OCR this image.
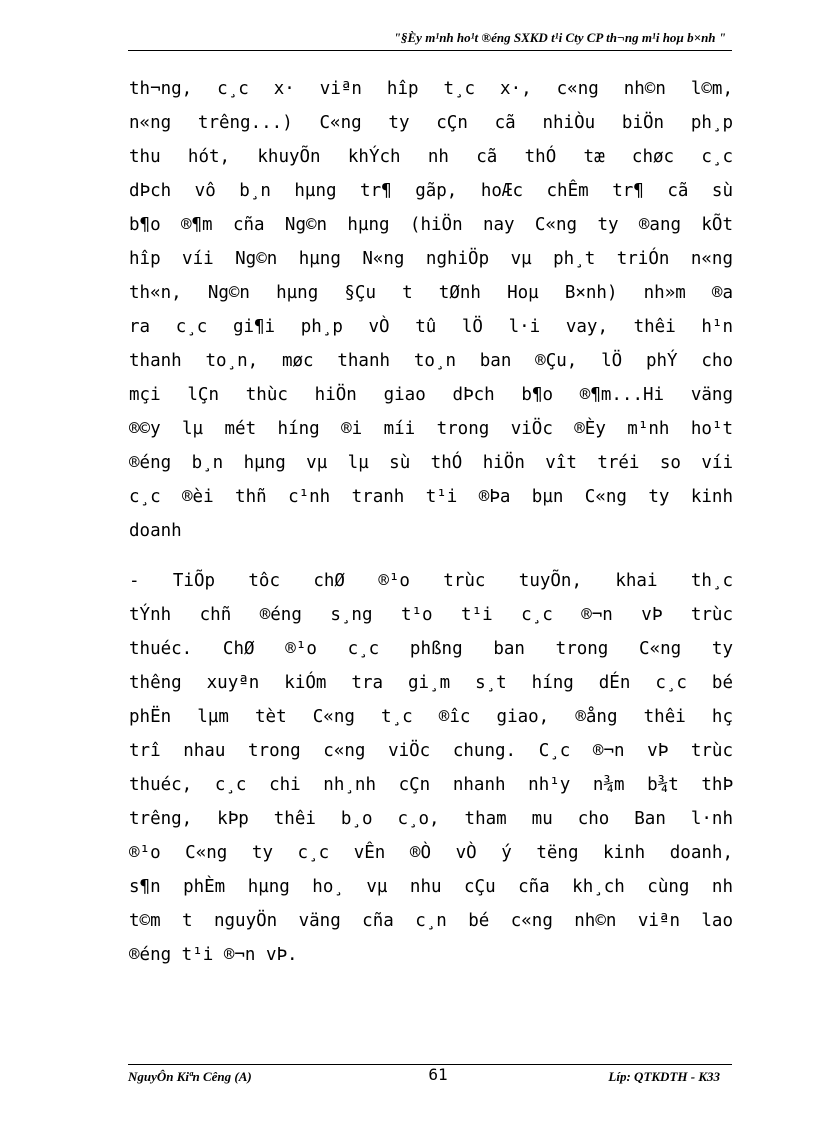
"§Èy m¹nh ho¹t ®éng SXKD t¹i Cty CP th¬ng m¹i hoµ b×nh "
th¬ng, c¸c x· viªn hîp t¸c x·, c«ng nh©n l©m,
n«ng trêng...) C«ng ty cÇn cã nhiÒu biÖn ph¸p
thu hót, khuyÕn khÝch nh cã thÓ tæ chøc c¸c
dÞch vô b¸n hµng tr¶ gãp, hoÆc chÊm tr¶ cã sù
b¶o ®¶m cña Ng©n hµng (hiÖn nay C«ng ty ®ang kÕt
hîp víi Ng©n hµng N«ng nghiÖp vµ ph¸t triÓn n«ng
th«n, Ng©n hµng §Çu t tØnh Hoµ B×nh) nh»m ®a
ra c¸c gi¶i ph¸p vÒ tû lÖ l·i vay, thêi h¹n
thanh to¸n, møc thanh to¸n ban ®Çu, lÖ phÝ cho
mçi lÇn thùc hiÖn giao dÞch b¶o ®¶m...Hi väng
®©y lµ mét híng ®i míi trong viÖc ®Èy m¹nh ho¹t
®éng b¸n hµng vµ lµ sù thÓ hiÖn vît tréi so víi
c¸c ®èi thñ c¹nh tranh t¹i ®Þa bµn C«ng ty kinh
doanh
- TiÕp tôc chØ ®¹o trùc tuyÕn, khai th¸c
tÝnh chñ ®éng s¸ng t¹o t¹i c¸c ®¬n vÞ trùc
thuéc. ChØ ®¹o c¸c phßng ban trong C«ng ty
thêng xuyªn kiÓm tra gi¸m s¸t híng dÉn c¸c bé
phËn lµm tèt C«ng t¸c ®îc giao, ®ång thêi hç
trî nhau trong c«ng viÖc chung. C¸c ®¬n vÞ trùc
thuéc, c¸c chi nh¸nh cÇn nhanh nh¹y n¾m b¾t thÞ
trêng, kÞp thêi b¸o c¸o, tham mu cho Ban l·nh
®¹o C«ng ty c¸c vÊn ®Ò vÒ ý tëng kinh doanh,
s¶n phÈm hµng ho¸ vµ nhu cÇu cña kh¸ch cùng nh
t©m t nguyÖn väng cña c¸n bé c«ng nh©n viªn lao
®éng t¹i ®¬n vÞ.
NguyÔn Kiªn Cêng (A)	61	Líp: QTKDTH - K33
